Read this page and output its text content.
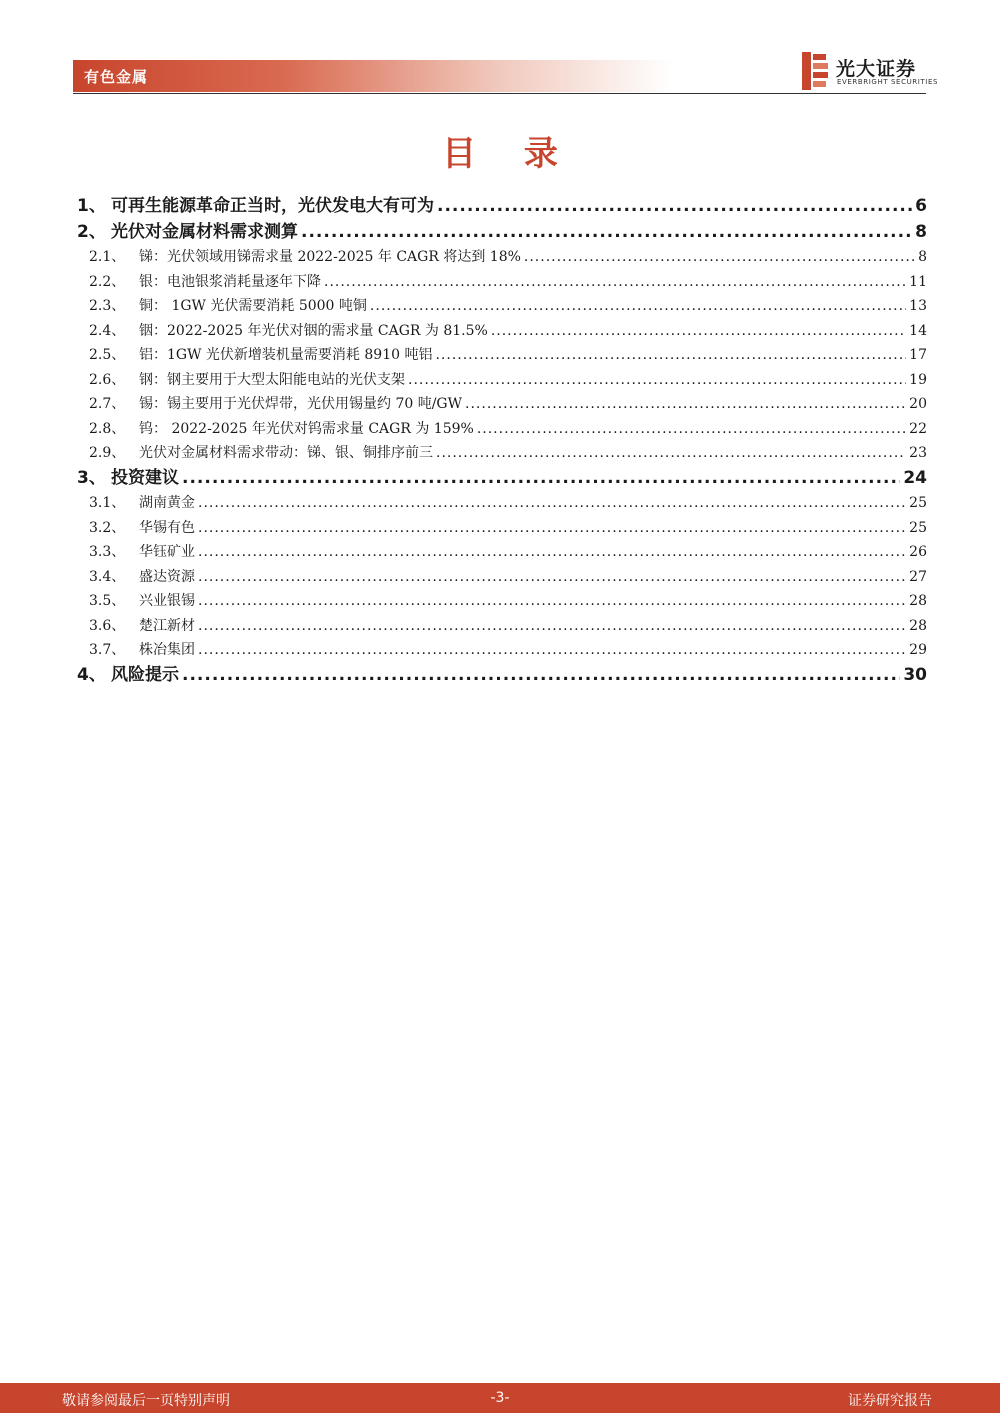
有色金属	光大证券
EVERBRIGHT SECURITIES
目 录
1、 可再生能源革命正当时，光伏发电大有可为 .....	6
2、 光伏对金属材料需求测算 .....	8
2.1、 锑：光伏领域用锑需求量 2022-2025 年 CAGR 将达到 18% .....	8
2.2、 银：电池银浆消耗量逐年下降 .....	11
2.3、 铜： 1GW 光伏需要消耗 5000 吨铜 .....	13
2.4、 铟：2022-2025 年光伏对铟的需求量 CAGR 为 81.5% .....	14
2.5、 铝：1GW 光伏新增装机量需要消耗 8910 吨铝 .....	17
2.6、 钢：钢主要用于大型太阳能电站的光伏支架 .....	19
2.7、 锡：锡主要用于光伏焊带，光伏用锡量约 70 吨/GW .....	20
2.8、 钨： 2022-2025 年光伏对钨需求量 CAGR 为 159% .....	22
2.9、 光伏对金属材料需求带动：锑、银、铜排序前三 .....	23
3、 投资建议 .....	24
3.1、 湖南黄金 .....	25
3.2、 华锡有色 .....	25
3.3、 华钰矿业 .....	26
3.4、 盛达资源 .....	27
3.5、 兴业银锡 .....	28
3.6、 楚江新材 .....	28
3.7、 株冶集团 .....	29
4、 风险提示 .....	30
敬请参阅最后一页特别声明	-3-	证券研究报告
